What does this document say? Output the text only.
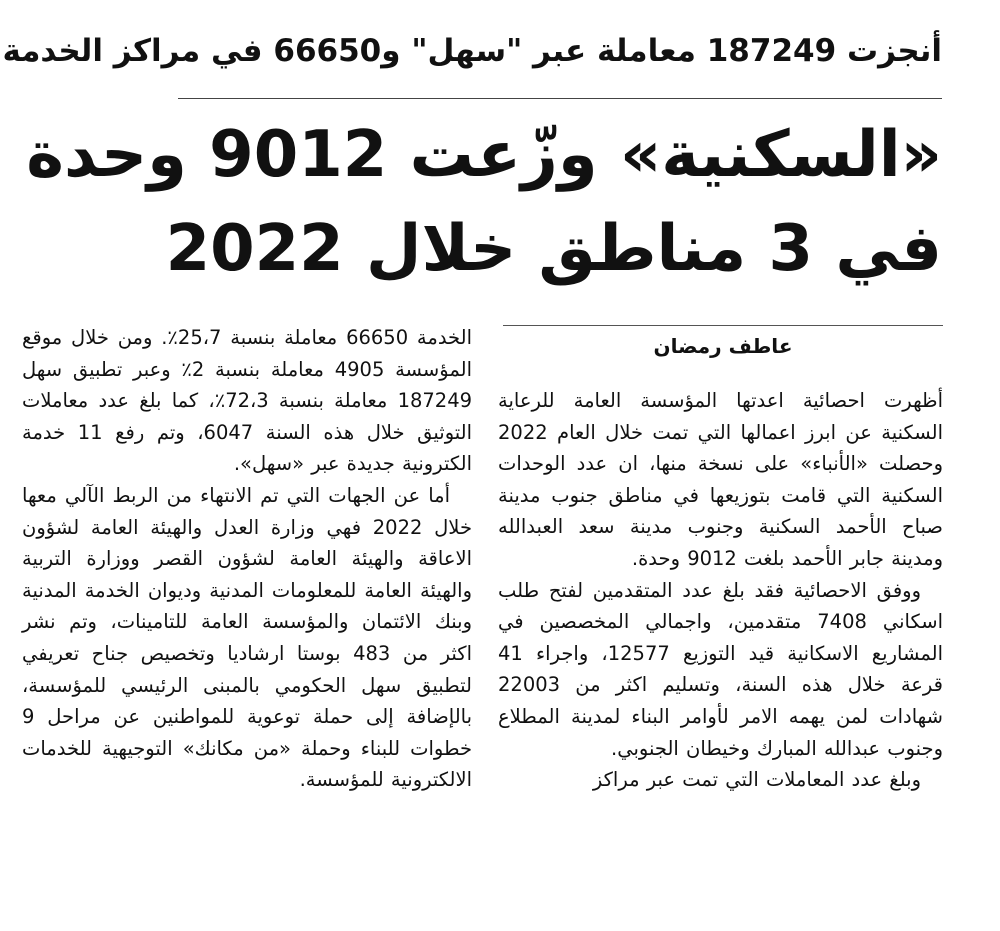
أنجزت 187249 معاملة عبر "سهل" و66650 في مراكز الخدمة
«السكنية» وزّعت 9012 وحدة
في 3 مناطق خلال 2022
عاطف رمضان

أظهرت احصائية اعدتها المؤسسة العامة للرعاية السكنية عن ابرز اعمالها التي تمت خلال العام 2022 وحصلت «الأنباء» على نسخة منها، ان عدد الوحدات السكنية التي قامت بتوزيعها في مناطق جنوب مدينة صباح الأحمد السكنية وجنوب مدينة سعد العبدالله ومدينة جابر الأحمد بلغت 9012 وحدة.

ووفق الاحصائية فقد بلغ عدد المتقدمين لفتح طلب اسكاني 7408 متقدمين، واجمالي المخصصين في المشاريع الاسكانية قيد التوزيع 12577، واجراء 41 قرعة خلال هذه السنة، وتسليم اكثر من 22003 شهادات لمن يهمه الامر لأوامر البناء لمدينة المطلاع وجنوب عبدالله المبارك وخيطان الجنوبي.

وبلغ عدد المعاملات التي تمت عبر مراكز

الخدمة 66650 معاملة بنسبة 25،7٪. ومن خلال موقع المؤسسة 4905 معاملة بنسبة 2٪ وعبر تطبيق سهل 187249 معاملة بنسبة 72،3٪، كما بلغ عدد معاملات التوثيق خلال هذه السنة 6047، وتم رفع 11 خدمة الكترونية جديدة عبر «سهل».

أما عن الجهات التي تم الانتهاء من الربط الآلي معها خلال 2022 فهي وزارة العدل والهيئة العامة لشؤون الاعاقة والهيئة العامة لشؤون القصر ووزارة التربية والهيئة العامة للمعلومات المدنية وديوان الخدمة المدنية وبنك الائتمان والمؤسسة العامة للتامينات، وتم نشر اكثر من 483 بوستا ارشاديا وتخصيص جناح تعريفي لتطبيق سهل الحكومي بالمبنى الرئيسي للمؤسسة، بالإضافة إلى حملة توعوية للمواطنين عن مراحل 9 خطوات للبناء وحملة «من مكانك» التوجيهية للخدمات الالكترونية للمؤسسة.
